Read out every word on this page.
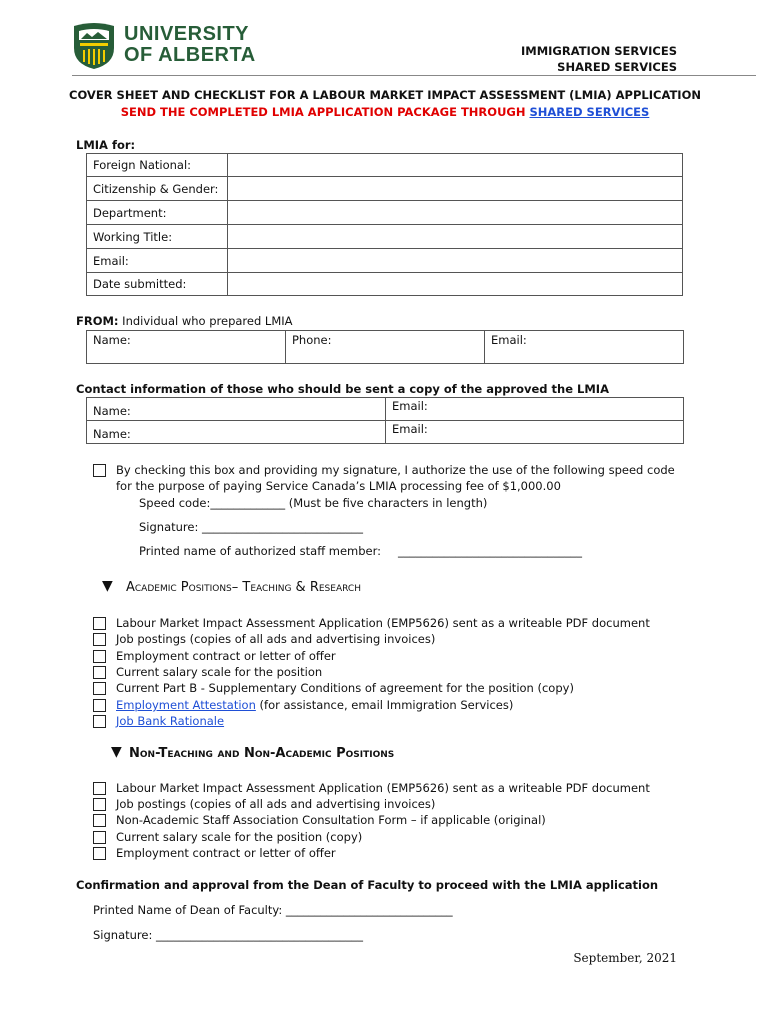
UNIVERSITY
OF ALBERTA	IMMIGRATION SERVICES
SHARED SERVICES
COVER SHEET AND CHECKLIST FOR A LABOUR MARKET IMPACT ASSESSMENT (LMIA) APPLICATION
SEND THE COMPLETED LMIA APPLICATION PACKAGE THROUGH SHARED SERVICES
LMIA for:
Foreign National:	
Citizenship & Gender:	
Department:	
Working Title:	
Email:	
Date submitted:	
FROM: Individual who prepared LMIA
Name:	Phone:	Email:
Contact information of those who should be sent a copy of the approved the LMIA
Name:	Email:
Name:	Email:
By checking this box and providing my signature, I authorize the use of the following speed code
for the purpose of paying Service Canada’s LMIA processing fee of $1,000.00
Speed code:_____________ (Must be five characters in length)
Signature: ____________________________
Printed name of authorized staff member: ________________________________
▼ Academic Positions– Teaching & Research
Labour Market Impact Assessment Application (EMP5626) sent as a writeable PDF document
Job postings (copies of all ads and advertising invoices)
Employment contract or letter of offer
Current salary scale for the position
Current Part B - Supplementary Conditions of agreement for the position (copy)
Employment Attestation (for assistance, email Immigration Services)
Job Bank Rationale
▼ Non-Teaching and Non-Academic Positions
Labour Market Impact Assessment Application (EMP5626) sent as a writeable PDF document
Job postings (copies of all ads and advertising invoices)
Non-Academic Staff Association Consultation Form – if applicable (original)
Current salary scale for the position (copy)
Employment contract or letter of offer
Confirmation and approval from the Dean of Faculty to proceed with the LMIA application
Printed Name of Dean of Faculty: _____________________________
Signature: ____________________________________
September, 2021
